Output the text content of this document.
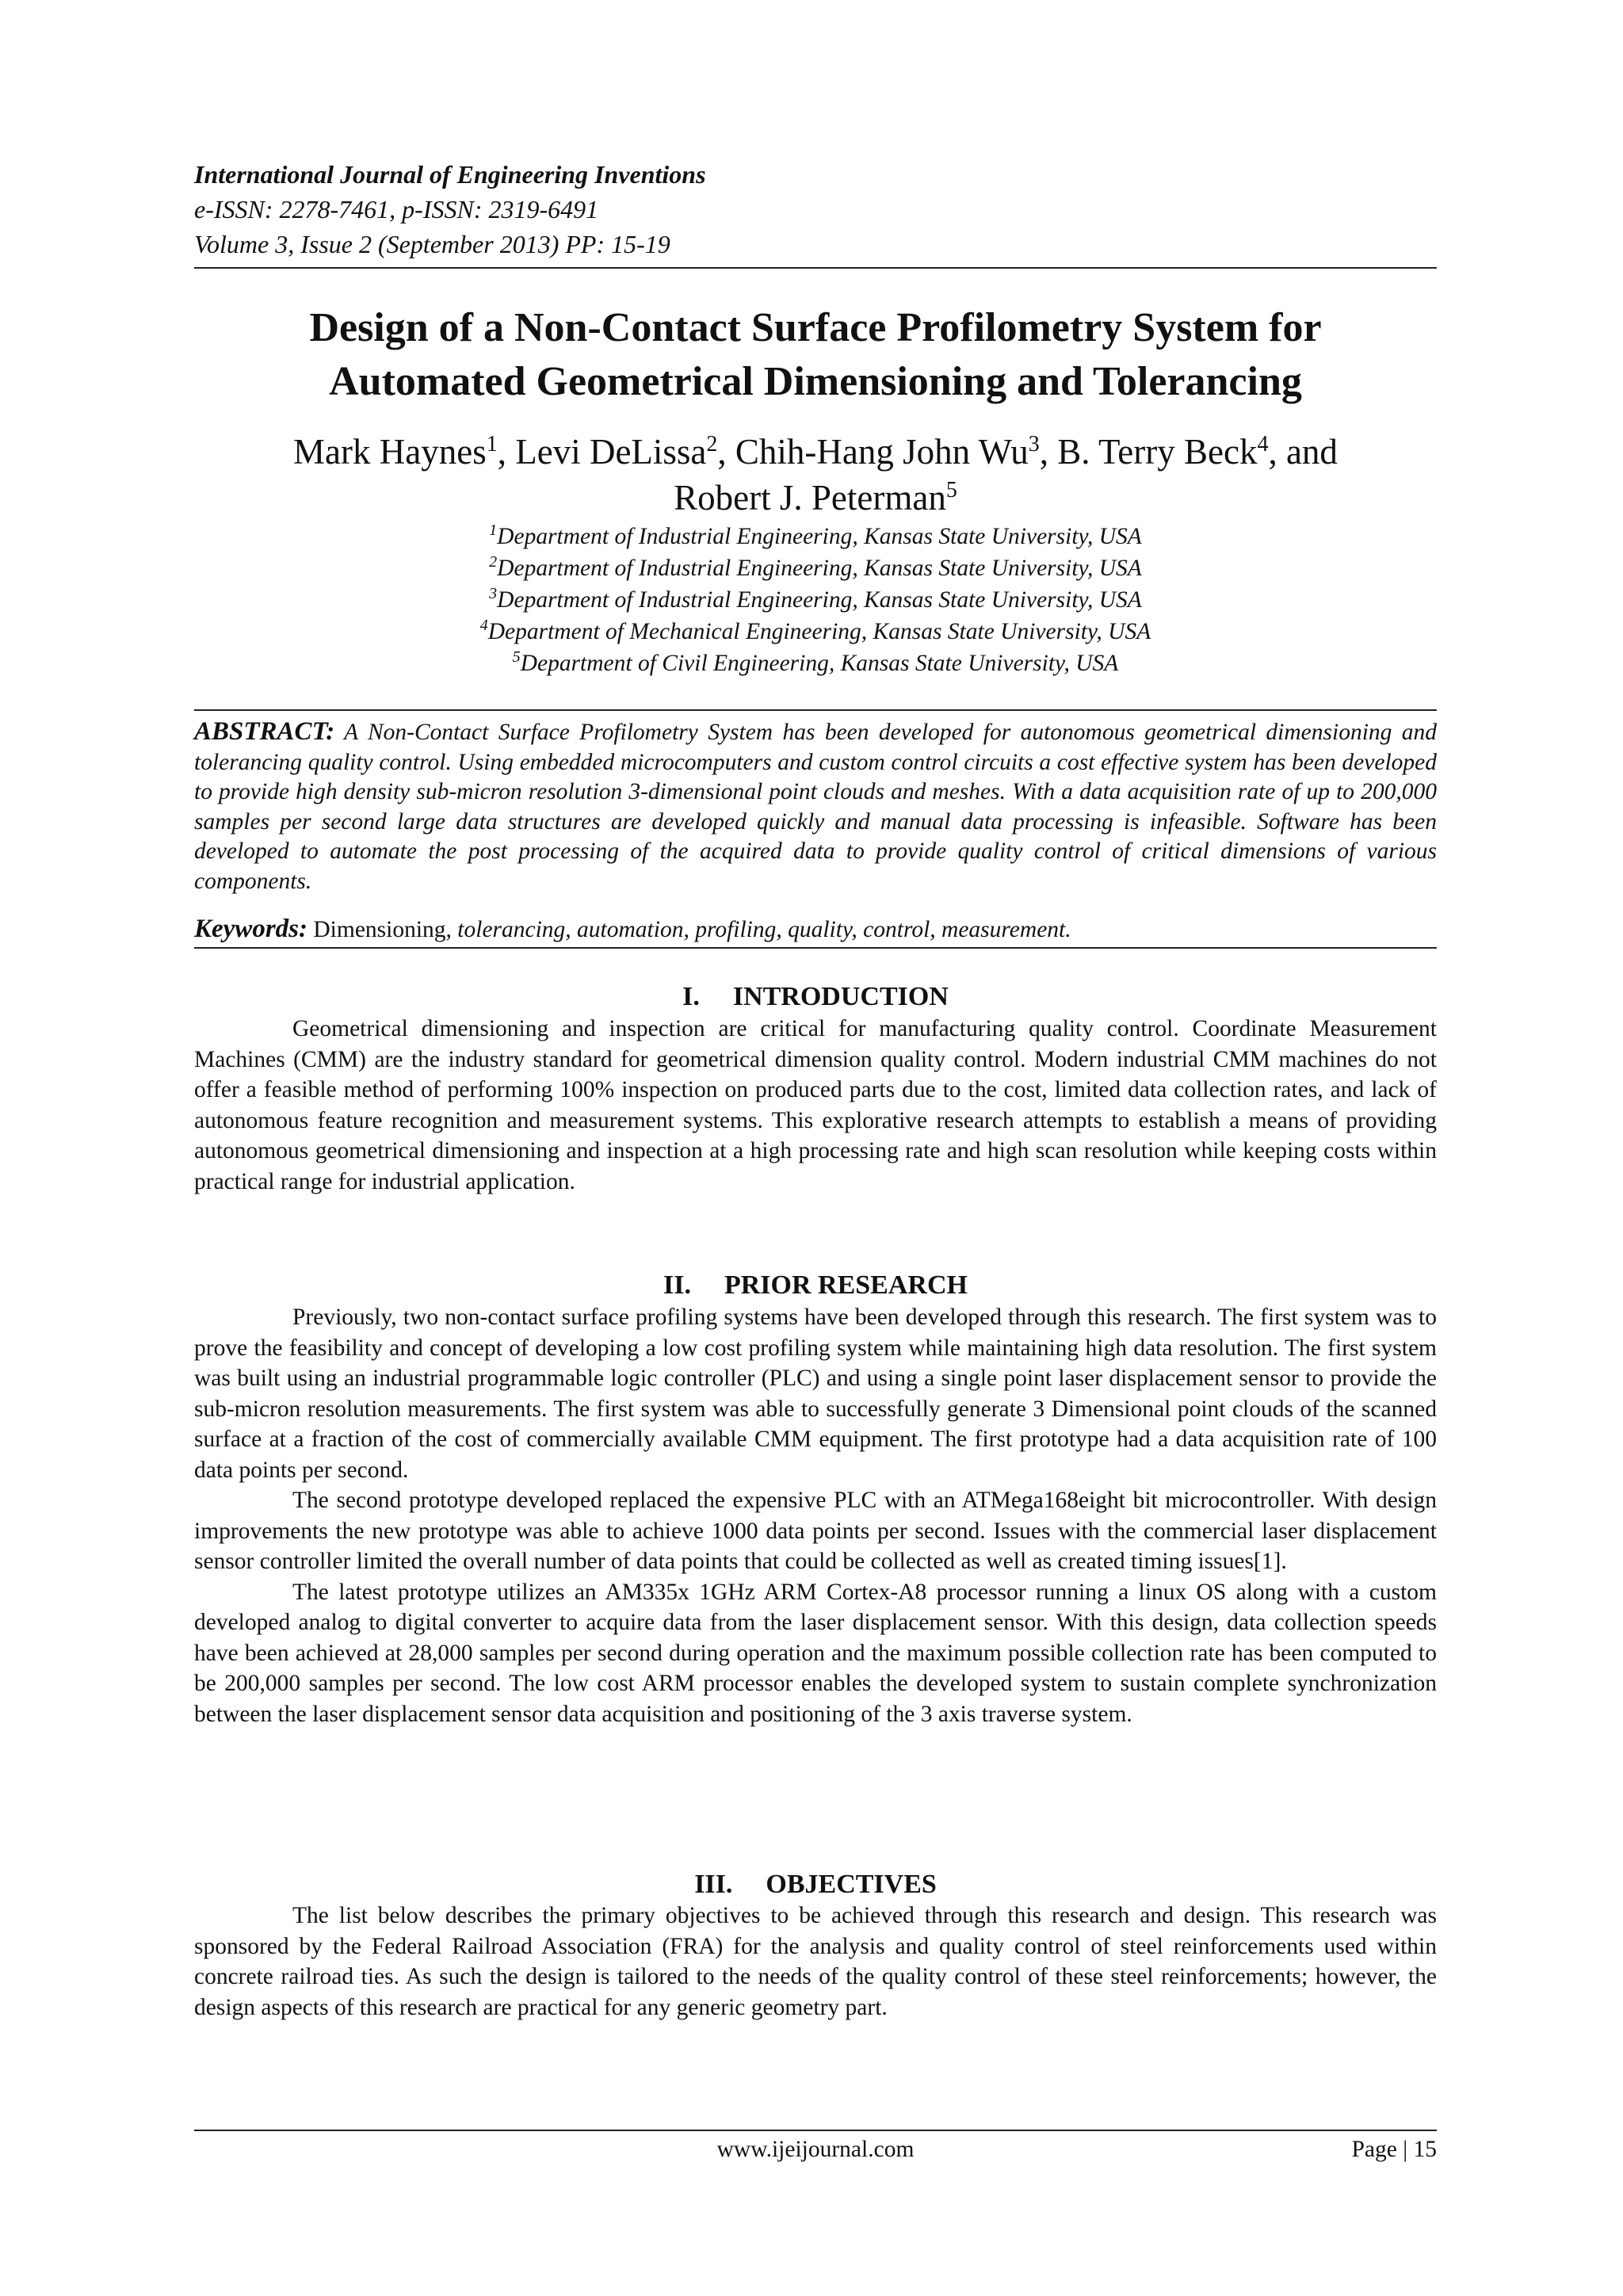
International Journal of Engineering Inventions
e-ISSN: 2278-7461, p-ISSN: 2319-6491
Volume 3, Issue 2 (September 2013) PP: 15-19
Design of a Non-Contact Surface Profilometry System for
Automated Geometrical Dimensioning and Tolerancing
Mark Haynes$^1$, Levi DeLissa$^2$, Chih-Hang John Wu$^3$, B. Terry Beck$^4$, and
Robert J. Peterman$^5$
$^1$Department of Industrial Engineering, Kansas State University, USA
$^2$Department of Industrial Engineering, Kansas State University, USA
$^3$Department of Industrial Engineering, Kansas State University, USA
$^4$Department of Mechanical Engineering, Kansas State University, USA
$^5$Department of Civil Engineering, Kansas State University, USA
ABSTRACT: A Non-Contact Surface Profilometry System has been developed for autonomous geometrical dimensioning and tolerancing quality control. Using embedded microcomputers and custom control circuits a cost effective system has been developed to provide high density sub-micron resolution 3-dimensional point clouds and meshes. With a data acquisition rate of up to 200,000 samples per second large data structures are developed quickly and manual data processing is infeasible. Software has been developed to automate the post processing of the acquired data to provide quality control of critical dimensions of various components.
Keywords: Dimensioning, tolerancing, automation, profiling, quality, control, measurement.
I. INTRODUCTION

Geometrical dimensioning and inspection are critical for manufacturing quality control. Coordinate Measurement Machines (CMM) are the industry standard for geometrical dimension quality control. Modern industrial CMM machines do not offer a feasible method of performing 100% inspection on produced parts due to the cost, limited data collection rates, and lack of autonomous feature recognition and measurement systems. This explorative research attempts to establish a means of providing autonomous geometrical dimensioning and inspection at a high processing rate and high scan resolution while keeping costs within practical range for industrial application.

II. PRIOR RESEARCH

Previously, two non-contact surface profiling systems have been developed through this research. The first system was to prove the feasibility and concept of developing a low cost profiling system while maintaining high data resolution. The first system was built using an industrial programmable logic controller (PLC) and using a single point laser displacement sensor to provide the sub-micron resolution measurements. The first system was able to successfully generate 3 Dimensional point clouds of the scanned surface at a fraction of the cost of commercially available CMM equipment. The first prototype had a data acquisition rate of 100 data points per second.

The second prototype developed replaced the expensive PLC with an ATMega168eight bit microcontroller. With design improvements the new prototype was able to achieve 1000 data points per second. Issues with the commercial laser displacement sensor controller limited the overall number of data points that could be collected as well as created timing issues[1].

The latest prototype utilizes an AM335x 1GHz ARM Cortex-A8 processor running a linux OS along with a custom developed analog to digital converter to acquire data from the laser displacement sensor. With this design, data collection speeds have been achieved at 28,000 samples per second during operation and the maximum possible collection rate has been computed to be 200,000 samples per second. The low cost ARM processor enables the developed system to sustain complete synchronization between the laser displacement sensor data acquisition and positioning of the 3 axis traverse system.

III. OBJECTIVES

The list below describes the primary objectives to be achieved through this research and design. This research was sponsored by the Federal Railroad Association (FRA) for the analysis and quality control of steel reinforcements used within concrete railroad ties. As such the design is tailored to the needs of the quality control of these steel reinforcements; however, the design aspects of this research are practical for any generic geometry part.

www.ijeijournal.com	Page | 15
